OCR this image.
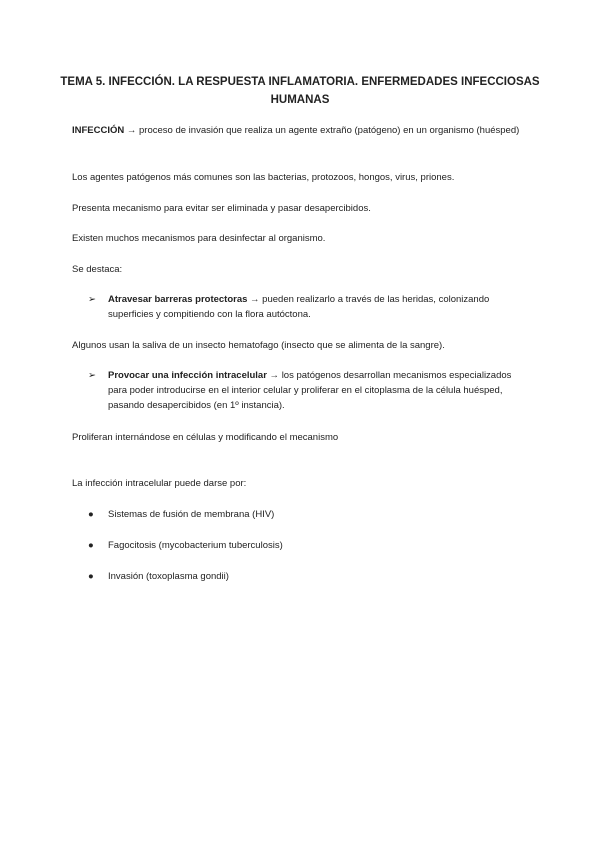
TEMA 5. INFECCIÓN. LA RESPUESTA INFLAMATORIA. ENFERMEDADES INFECCIOSAS
HUMANAS

INFECCIÓN → proceso de invasión que realiza un agente extraño (patógeno) en un organismo (huésped)

Los agentes patógenos más comunes son las bacterias, protozoos, hongos, virus, priones.

Presenta mecanismo para evitar ser eliminada y pasar desapercibidos.

Existen muchos mecanismos para desinfectar al organismo.

Se destaca:

➢ Atravesar barreras protectoras → pueden realizarlo a través de las heridas, colonizando superficies y compitiendo con la flora autóctona.

Algunos usan la saliva de un insecto hematofago (insecto que se alimenta de la sangre).

➢ Provocar una infección intracelular → los patógenos desarrollan mecanismos especializados para poder introducirse en el interior celular y proliferar en el citoplasma de la célula huésped, pasando desapercibidos (en 1º instancia).

Proliferan internándose en células y modificando el mecanismo

La infección intracelular puede darse por:

● Sistemas de fusión de membrana (HIV)
● Fagocitosis (mycobacterium tuberculosis)
● Invasión (toxoplasma gondii)
